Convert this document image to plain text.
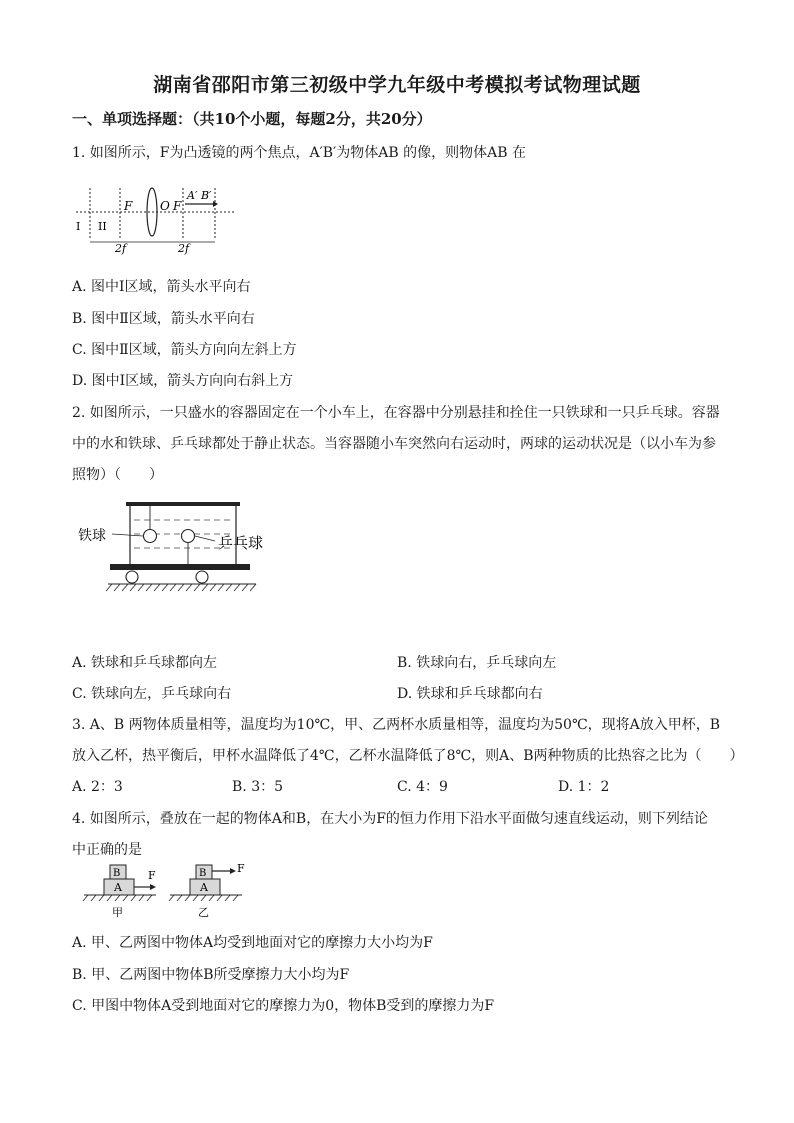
湖南省邵阳市第三初级中学九年级中考模拟考试物理试题
一、单项选择题：（共10个小题，每题2分，共20分）
1. 如图所示，F为凸透镜的两个焦点，A′B′为物体AB 的像，则物体AB 在
I II
F O F
A′ B′
2f	2f
A. 图中Ⅰ区域，箭头水平向右
B. 图中Ⅱ区域，箭头水平向右
C. 图中Ⅱ区域，箭头方向向左斜上方
D. 图中Ⅰ区域，箭头方向向右斜上方
2. 如图所示，一只盛水的容器固定在一个小车上，在容器中分别悬挂和拴住一只铁球和一只乒乓球。容器
中的水和铁球、乒乓球都处于静止状态。当容器随小车突然向右运动时，两球的运动状况是（以小车为参
照物）（　　）
铁球	乒乓球
A. 铁球和乒乓球都向左	B. 铁球向右，乒乓球向左
C. 铁球向左，乒乓球向右	D. 铁球和乒乓球都向右
3. A、B 两物体质量相等，温度均为10℃，甲、乙两杯水质量相等，温度均为50℃，现将A放入甲杯，B
放入乙杯，热平衡后，甲杯水温降低了4℃，乙杯水温降低了8℃，则A、B两种物质的比热容之比为（　　）
A. 2：3	B. 3：5	C. 4：9	D. 1：2
4. 如图所示，叠放在一起的物体A和B，在大小为F的恒力作用下沿水平面做匀速直线运动，则下列结论
中正确的是
B
A
F
甲
B
A
F
乙
A. 甲、乙两图中物体A均受到地面对它的摩擦力大小均为F
B. 甲、乙两图中物体B所受摩擦力大小均为F
C. 甲图中物体A受到地面对它的摩擦力为0，物体B受到的摩擦力为F
